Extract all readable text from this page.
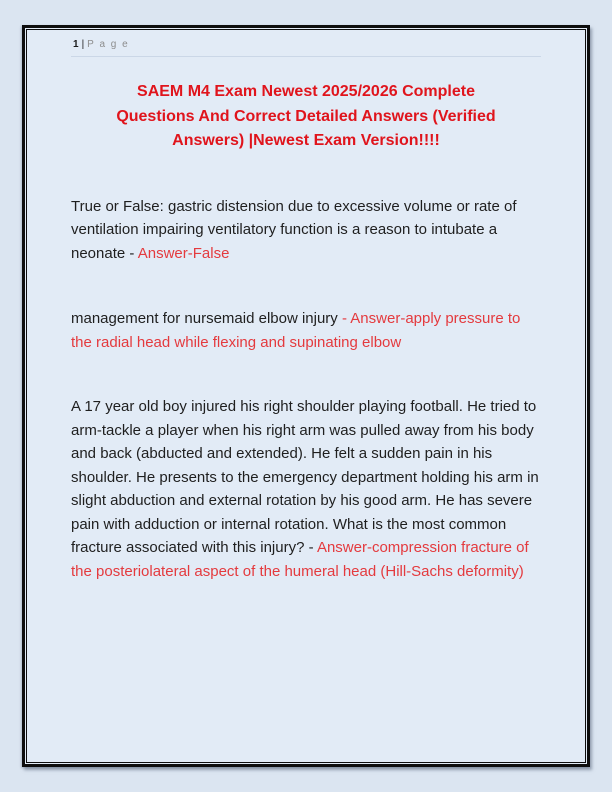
1 | P a g e
SAEM M4 Exam Newest 2025/2026 Complete
Questions And Correct Detailed Answers (Verified
Answers) |Newest Exam Version!!!!

True or False: gastric distension due to excessive volume or rate of ventilation impairing ventilatory function is a reason to intubate a neonate - Answer-False

management for nursemaid elbow injury - Answer-apply pressure to the radial head while flexing and supinating elbow

A 17 year old boy injured his right shoulder playing football. He tried to arm-tackle a player when his right arm was pulled away from his body and back (abducted and extended). He felt a sudden pain in his shoulder. He presents to the emergency department holding his arm in slight abduction and external rotation by his good arm. He has severe pain with adduction or internal rotation. What is the most common fracture associated with this injury? - Answer-compression fracture of the posteriolateral aspect of the humeral head (Hill-Sachs deformity)
